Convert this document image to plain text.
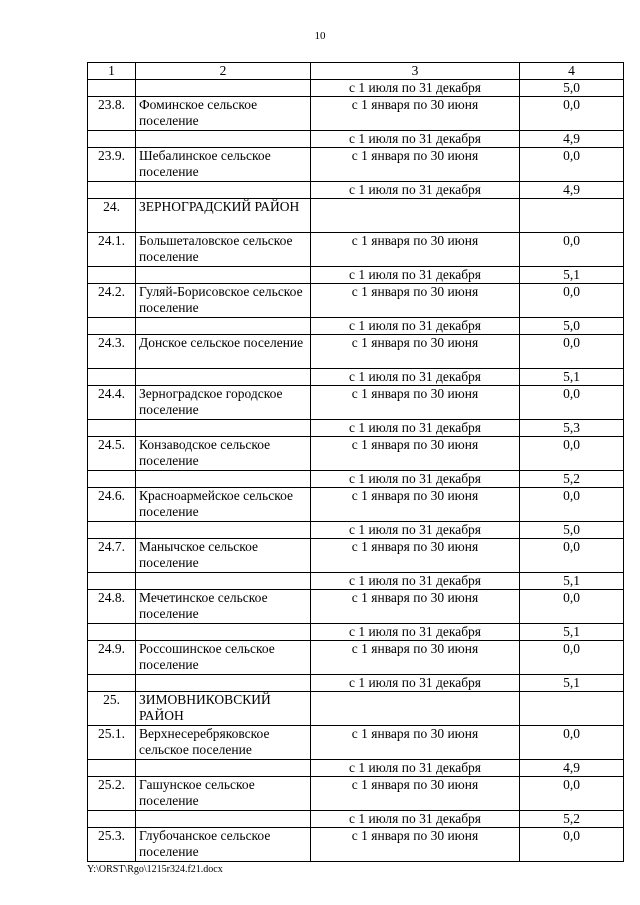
10
1	2	3	4
		с 1 июля по 31 декабря	5,0
23.8.	Фоминское сельское поселение	с 1 января по 30 июня	0,0
		с 1 июля по 31 декабря	4,9
23.9.	Шебалинское сельское поселение	с 1 января по 30 июня	0,0
		с 1 июля по 31 декабря	4,9
24.	ЗЕРНОГРАДСКИЙ РАЙОН		
24.1.	Большеталовское сельское поселение	с 1 января по 30 июня	0,0
		с 1 июля по 31 декабря	5,1
24.2.	Гуляй-Борисовское сельское поселение	с 1 января по 30 июня	0,0
		с 1 июля по 31 декабря	5,0
24.3.	Донское сельское поселение	с 1 января по 30 июня	0,0
		с 1 июля по 31 декабря	5,1
24.4.	Зерноградское городское поселение	с 1 января по 30 июня	0,0
		с 1 июля по 31 декабря	5,3
24.5.	Конзаводское сельское поселение	с 1 января по 30 июня	0,0
		с 1 июля по 31 декабря	5,2
24.6.	Красноармейское сельское поселение	с 1 января по 30 июня	0,0
		с 1 июля по 31 декабря	5,0
24.7.	Манычское сельское поселение	с 1 января по 30 июня	0,0
		с 1 июля по 31 декабря	5,1
24.8.	Мечетинское сельское поселение	с 1 января по 30 июня	0,0
		с 1 июля по 31 декабря	5,1
24.9.	Россошинское сельское поселение	с 1 января по 30 июня	0,0
		с 1 июля по 31 декабря	5,1
25.	ЗИМОВНИКОВСКИЙ РАЙОН		
25.1.	Верхнесеребряковское сельское поселение	с 1 января по 30 июня	0,0
		с 1 июля по 31 декабря	4,9
25.2.	Гашунское сельское поселение	с 1 января по 30 июня	0,0
		с 1 июля по 31 декабря	5,2
25.3.	Глубочанское сельское поселение	с 1 января по 30 июня	0,0
Y:\ORST\Rgo\1215r324.f21.docx
